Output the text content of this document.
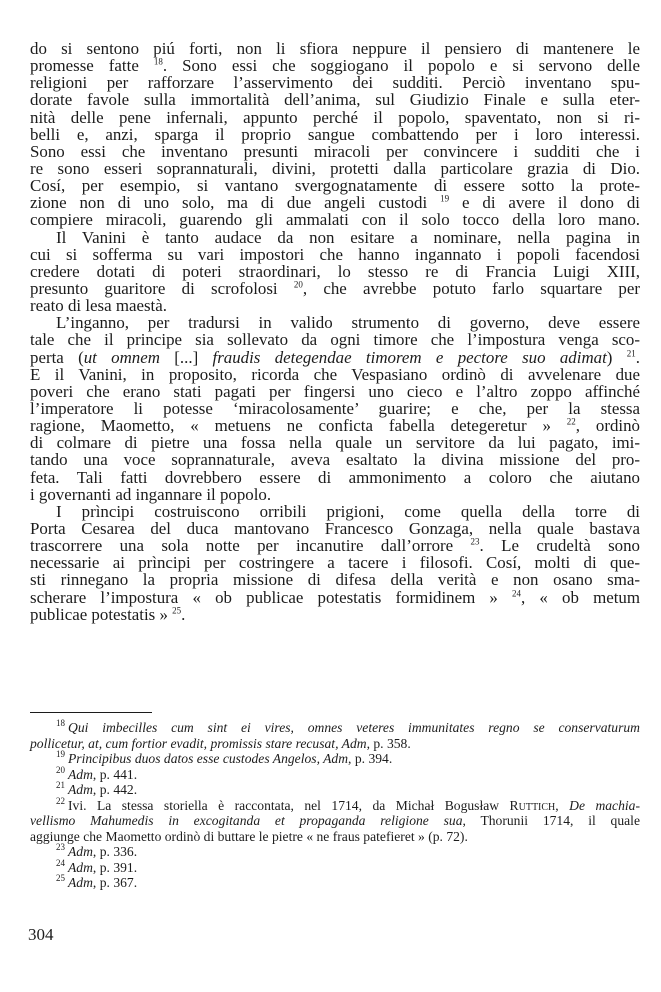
do si sentono piú forti, non li sfiora neppure il pensiero di mantenere le
promesse fatte $^{18}$. Sono essi che soggiogano il popolo e si servono delle
religioni per rafforzare l’asservimento dei sudditi. Perciò inventano spu-
dorate favole sulla immortalità dell’anima, sul Giudizio Finale e sulla eter-
nità delle pene infernali, appunto perché il popolo, spaventato, non si ri-
belli e, anzi, sparga il proprio sangue combattendo per i loro interessi.
Sono essi che inventano presunti miracoli per convincere i sudditi che i
re sono esseri soprannaturali, divini, protetti dalla particolare grazia di Dio.
Cosí, per esempio, si vantano svergognatamente di essere sotto la prote-
zione non di uno solo, ma di due angeli custodi $^{19}$ e di avere il dono di
compiere miracoli, guarendo gli ammalati con il solo tocco della loro mano.
Il Vanini è tanto audace da non esitare a nominare, nella pagina in
cui si sofferma su vari impostori che hanno ingannato i popoli facendosi
credere dotati di poteri straordinari, lo stesso re di Francia Luigi XIII,
presunto guaritore di scrofolosi $^{20}$, che avrebbe potuto farlo squartare per
reato di lesa maestà.
L’inganno, per tradursi in valido strumento di governo, deve essere
tale che il principe sia sollevato da ogni timore che l’impostura venga sco-
perta (ut omnem [...] fraudis detegendae timorem e pectore suo adimat) $^{21}$.
E il Vanini, in proposito, ricorda che Vespasiano ordinò di avvelenare due
poveri che erano stati pagati per fingersi uno cieco e l’altro zoppo affinché
l’imperatore li potesse ‘miracolosamente’ guarire; e che, per la stessa
ragione, Maometto, « metuens ne conficta fabella detegeretur » $^{22}$, ordinò
di colmare di pietre una fossa nella quale un servitore da lui pagato, imi-
tando una voce soprannaturale, aveva esaltato la divina missione del pro-
feta. Tali fatti dovrebbero essere di ammonimento a coloro che aiutano
i governanti ad ingannare il popolo.
I prìncipi costruiscono orribili prigioni, come quella della torre di
Porta Cesarea del duca mantovano Francesco Gonzaga, nella quale bastava
trascorrere una sola notte per incanutire dall’orrore $^{23}$. Le crudeltà sono
necessarie ai prìncipi per costringere a tacere i filosofi. Cosí, molti di que-
sti rinnegano la propria missione di difesa della verità e non osano sma-
scherare l’impostura « ob publicae potestatis formidinem » $^{24}$, « ob metum
publicae potestatis » $^{25}$.
$^{18}$ Qui imbecilles cum sint ei vires, omnes veteres immunitates regno se conservaturum
pollicetur, at, cum fortior evadit, promissis stare recusat, Adm, p. 358.
$^{19}$ Principibus duos datos esse custodes Angelos, Adm, p. 394.
$^{20}$ Adm, p. 441.
$^{21}$ Adm, p. 442.
$^{22}$ Ivi. La stessa storiella è raccontata, nel 1714, da Michał Bogusław Ruttich, De machia-
vellismo Mahumedis in excogitanda et propaganda religione sua, Thorunii 1714, il quale
aggiunge che Maometto ordinò di buttare le pietre « ne fraus patefieret » (p. 72).
$^{23}$ Adm, p. 336.
$^{24}$ Adm, p. 391.
$^{25}$ Adm, p. 367.
304
